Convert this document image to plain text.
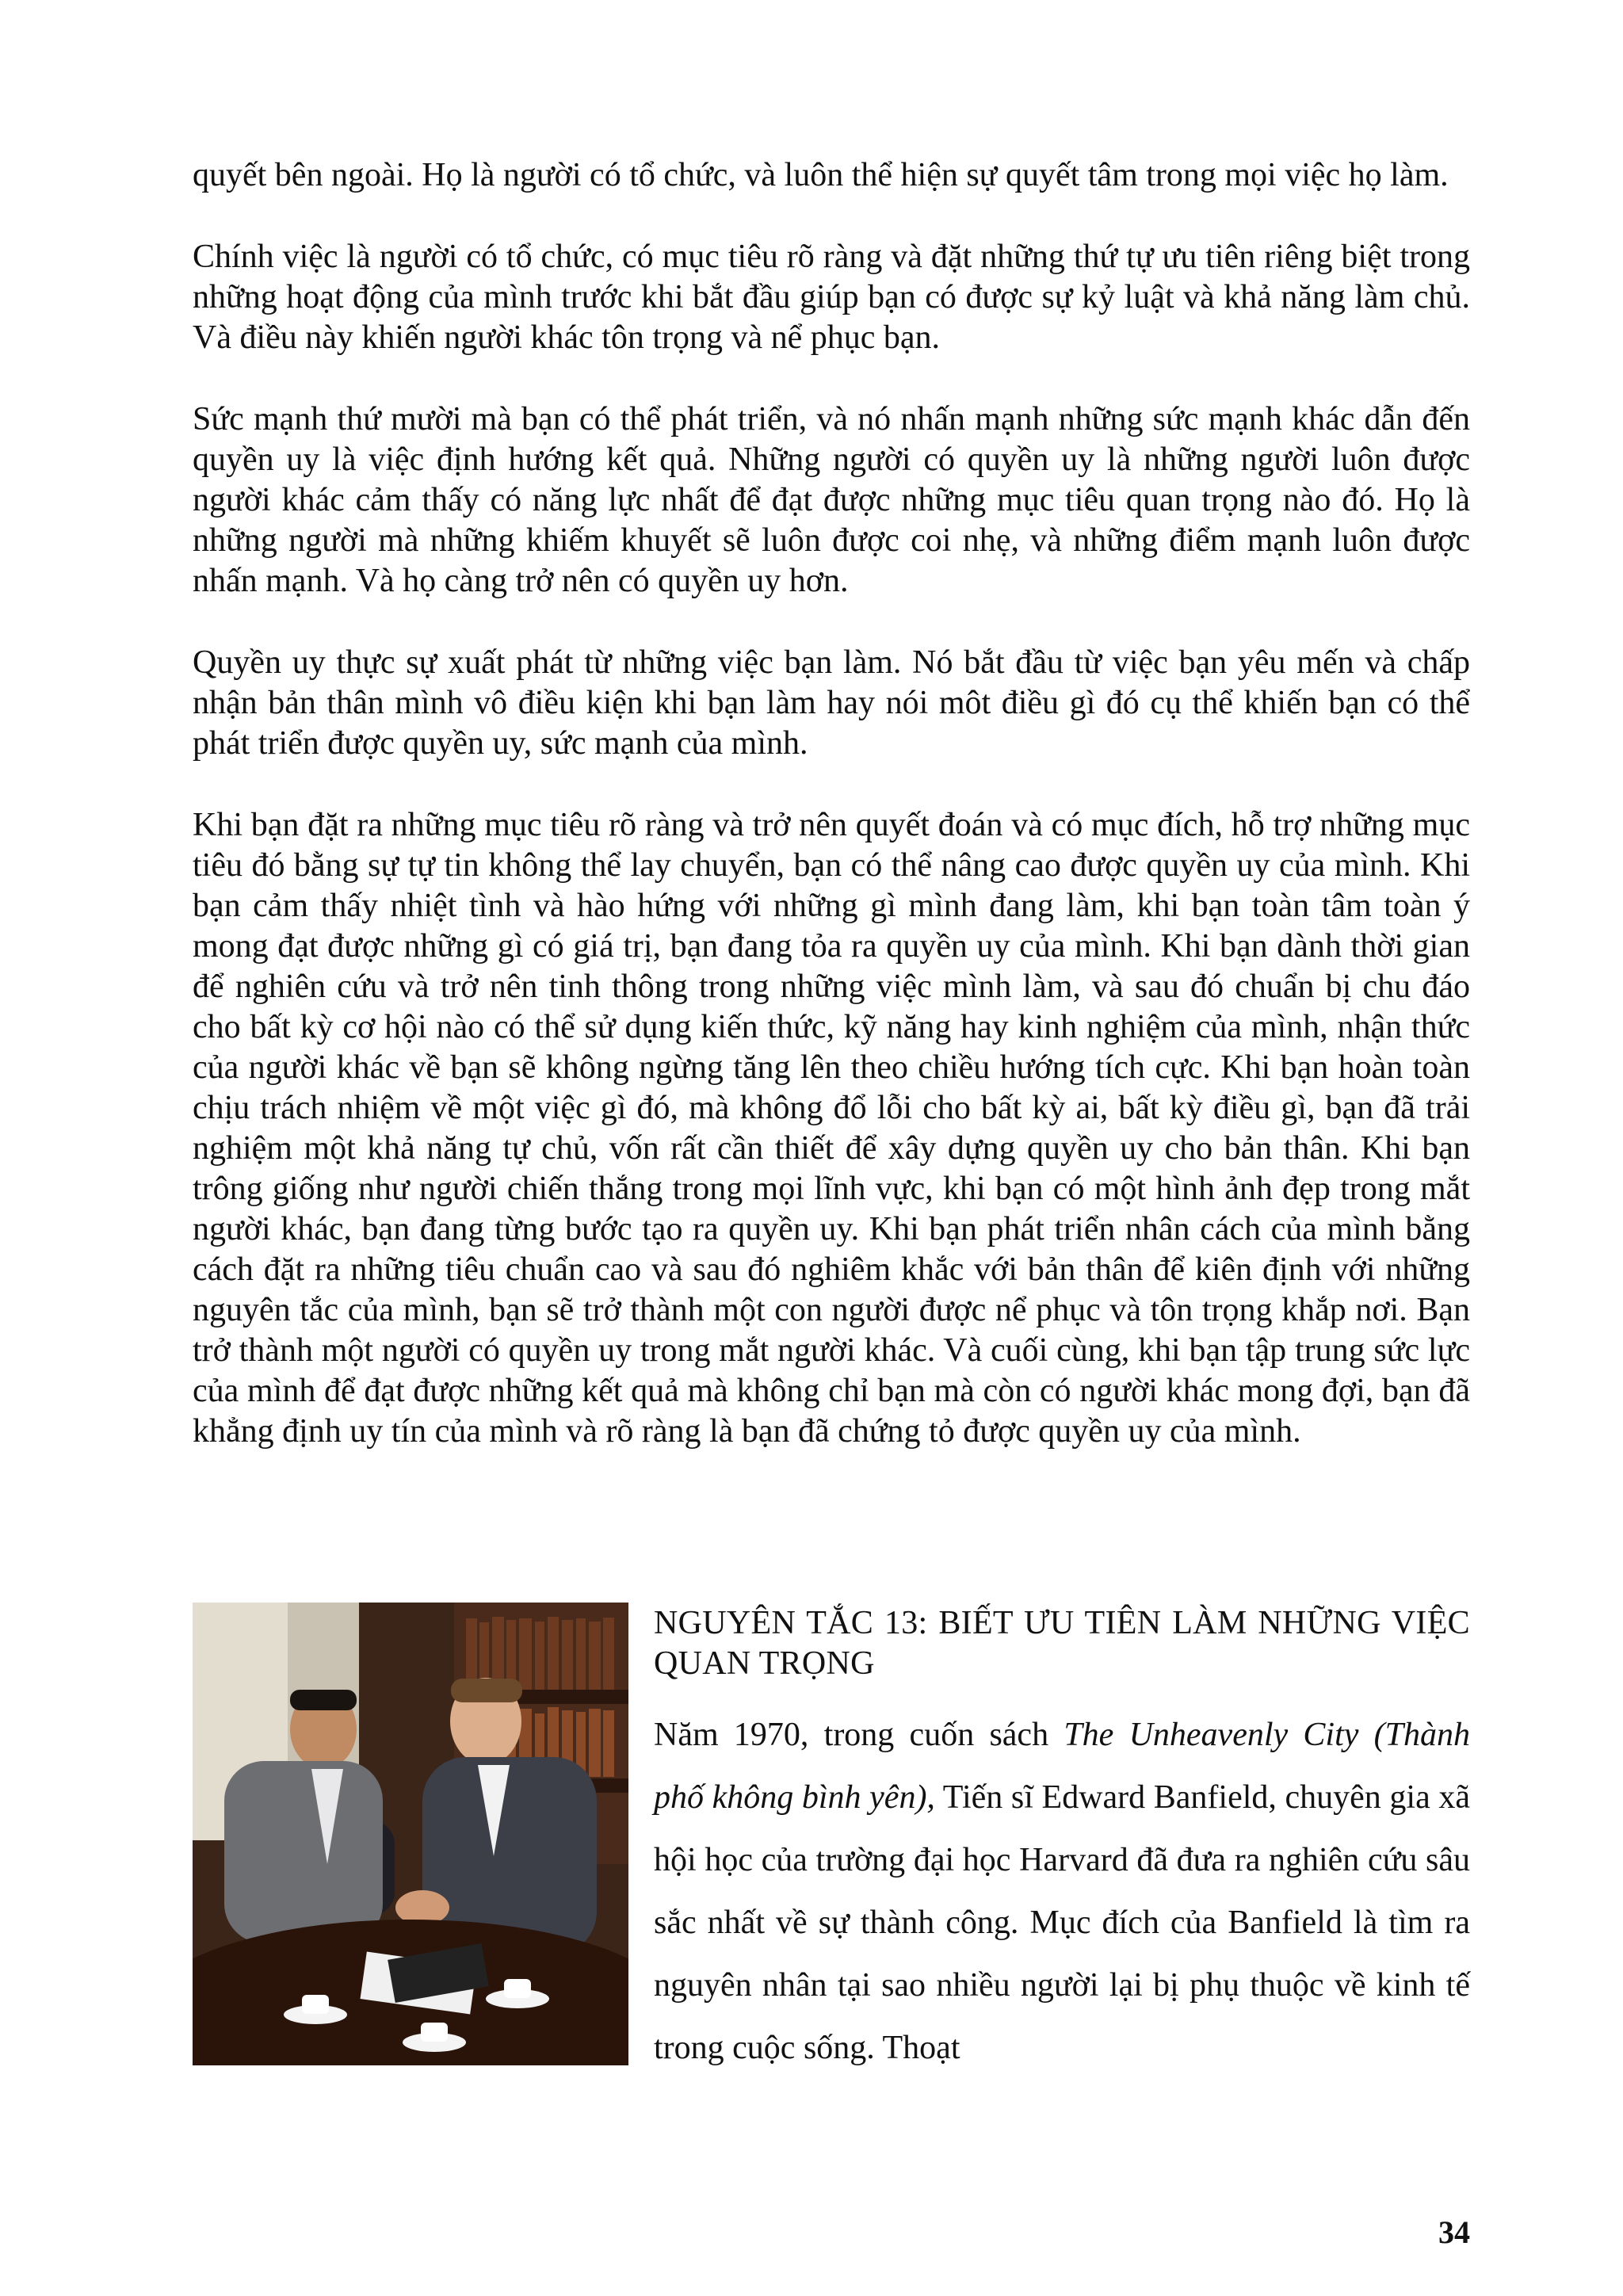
quyết bên ngoài. Họ là người có tổ chức, và luôn thể hiện sự quyết tâm trong mọi việc họ làm.

Chính việc là người có tổ chức, có mục tiêu rõ ràng và đặt những thứ tự ưu tiên riêng biệt trong những hoạt động của mình trước khi bắt đầu giúp bạn có được sự kỷ luật và khả năng làm chủ. Và điều này khiến người khác tôn trọng và nể phục bạn.

Sức mạnh thứ mười mà bạn có thể phát triển, và nó nhấn mạnh những sức mạnh khác dẫn đến quyền uy là việc định hướng kết quả. Những người có quyền uy là những người luôn được người khác cảm thấy có năng lực nhất để đạt được những mục tiêu quan trọng nào đó. Họ là những người mà những khiếm khuyết sẽ luôn được coi nhẹ, và những điểm mạnh luôn được nhấn mạnh. Và họ càng trở nên có quyền uy hơn.

Quyền uy thực sự xuất phát từ những việc bạn làm. Nó bắt đầu từ việc bạn yêu mến và chấp nhận bản thân mình vô điều kiện khi bạn làm hay nói môt điều gì đó cụ thể khiến bạn có thể phát triển được quyền uy, sức mạnh của mình.

Khi bạn đặt ra những mục tiêu rõ ràng và trở nên quyết đoán và có mục đích, hỗ trợ những mục tiêu đó bằng sự tự tin không thể lay chuyển, bạn có thể nâng cao được quyền uy của mình. Khi bạn cảm thấy nhiệt tình và hào hứng với những gì mình đang làm, khi bạn toàn tâm toàn ý mong đạt được những gì có giá trị, bạn đang tỏa ra quyền uy của mình. Khi bạn dành thời gian để nghiên cứu và trở nên tinh thông trong những việc mình làm, và sau đó chuẩn bị chu đáo cho bất kỳ cơ hội nào có thể sử dụng kiến thức, kỹ năng hay kinh nghiệm của mình, nhận thức của người khác về bạn sẽ không ngừng tăng lên theo chiều hướng tích cực. Khi bạn hoàn toàn chịu trách nhiệm về một việc gì đó, mà không đổ lỗi cho bất kỳ ai, bất kỳ điều gì, bạn đã trải nghiệm một khả năng tự chủ, vốn rất cần thiết để xây dựng quyền uy cho bản thân. Khi bạn trông giống như người chiến thắng trong mọi lĩnh vực, khi bạn có một hình ảnh đẹp trong mắt người khác, bạn đang từng bước tạo ra quyền uy. Khi bạn phát triển nhân cách của mình bằng cách đặt ra những tiêu chuẩn cao và sau đó nghiêm khắc với bản thân để kiên định với những nguyên tắc của mình, bạn sẽ trở thành một con người được nể phục và tôn trọng khắp nơi. Bạn trở thành một người có quyền uy trong mắt người khác. Và cuối cùng, khi bạn tập trung sức lực của mình để đạt được những kết quả mà không chỉ bạn mà còn có người khác mong đợi, bạn đã khẳng định uy tín của mình và rõ ràng là bạn đã chứng tỏ được quyền uy của mình.

NGUYÊN TẮC 13: BIẾT ƯU TIÊN LÀM NHỮNG VIỆC QUAN TRỌNG

Năm 1970, trong cuốn sách The Unheavenly City (Thành phố không bình yên), Tiến sĩ Edward Banfield, chuyên gia xã hội học của trường đại học Harvard đã đưa ra nghiên cứu sâu sắc nhất về sự thành công. Mục đích của Banfield là tìm ra nguyên nhân tại sao nhiều người lại bị phụ thuộc về kinh tế trong cuộc sống. Thoạt

34
